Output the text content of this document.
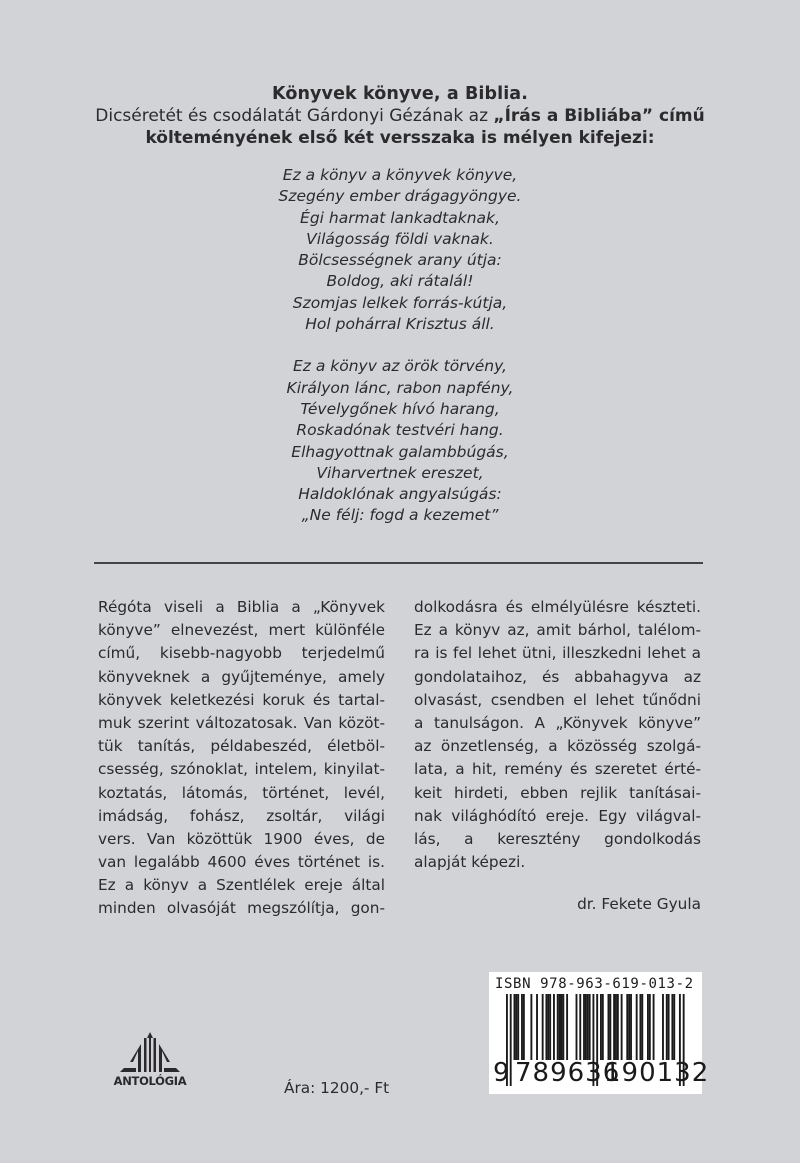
Könyvek könyve, a Biblia.
Dicséretét és csodálatát Gárdonyi Gézának az „Írás a Bibliába” című
költeményének első két versszaka is mélyen kifejezi:
Ez a könyv a könyvek könyve,
Szegény ember drágagyöngye.
Égi harmat lankadtaknak,
Világosság földi vaknak.
Bölcsességnek arany útja:
Boldog, aki rátalál!
Szomjas lelkek forrás-kútja,
Hol pohárral Krisztus áll.
Ez a könyv az örök törvény,
Királyon lánc, rabon napfény,
Tévelygőnek hívó harang,
Roskadónak testvéri hang.
Elhagyottnak galambbúgás,
Viharvertnek ereszet,
Haldoklónak angyalsúgás:
„Ne félj: fogd a kezemet”
Régóta viseli a Biblia a „Könyvek
könyve” elnevezést, mert különféle
című, kisebb-nagyobb terjedelmű
könyveknek a gyűjteménye, amely
könyvek keletkezési koruk és tartal-
muk szerint változatosak. Van közöt-
tük tanítás, példabeszéd, életböl-
csesség, szónoklat, intelem, kinyilat-
koztatás, látomás, történet, levél,
imádság, fohász, zsoltár, világi
vers. Van közöttük 1900 éves, de
van legalább 4600 éves történet is.
Ez a könyv a Szentlélek ereje által
minden olvasóját megszólítja, gon-
dolkodásra és elmélyülésre készteti.
Ez a könyv az, amit bárhol, talélom-
ra is fel lehet ütni, illeszkedni lehet a
gondolataihoz, és abbahagyva az
olvasást, csendben el lehet tűnődni
a tanulságon. A „Könyvek könyve”
az önzetlenség, a közösség szolgá-
lata, a hit, remény és szeretet érté-
keit hirdeti, ebben rejlik tanításai-
nak világhódító ereje. Egy világval-
lás, a keresztény gondolkodás
alapját képezi.
dr. Fekete Gyula
ISBN 978-963-619-013-2
9 789636
190132
ANTOLÓGIA	Ára: 1200,- Ft
